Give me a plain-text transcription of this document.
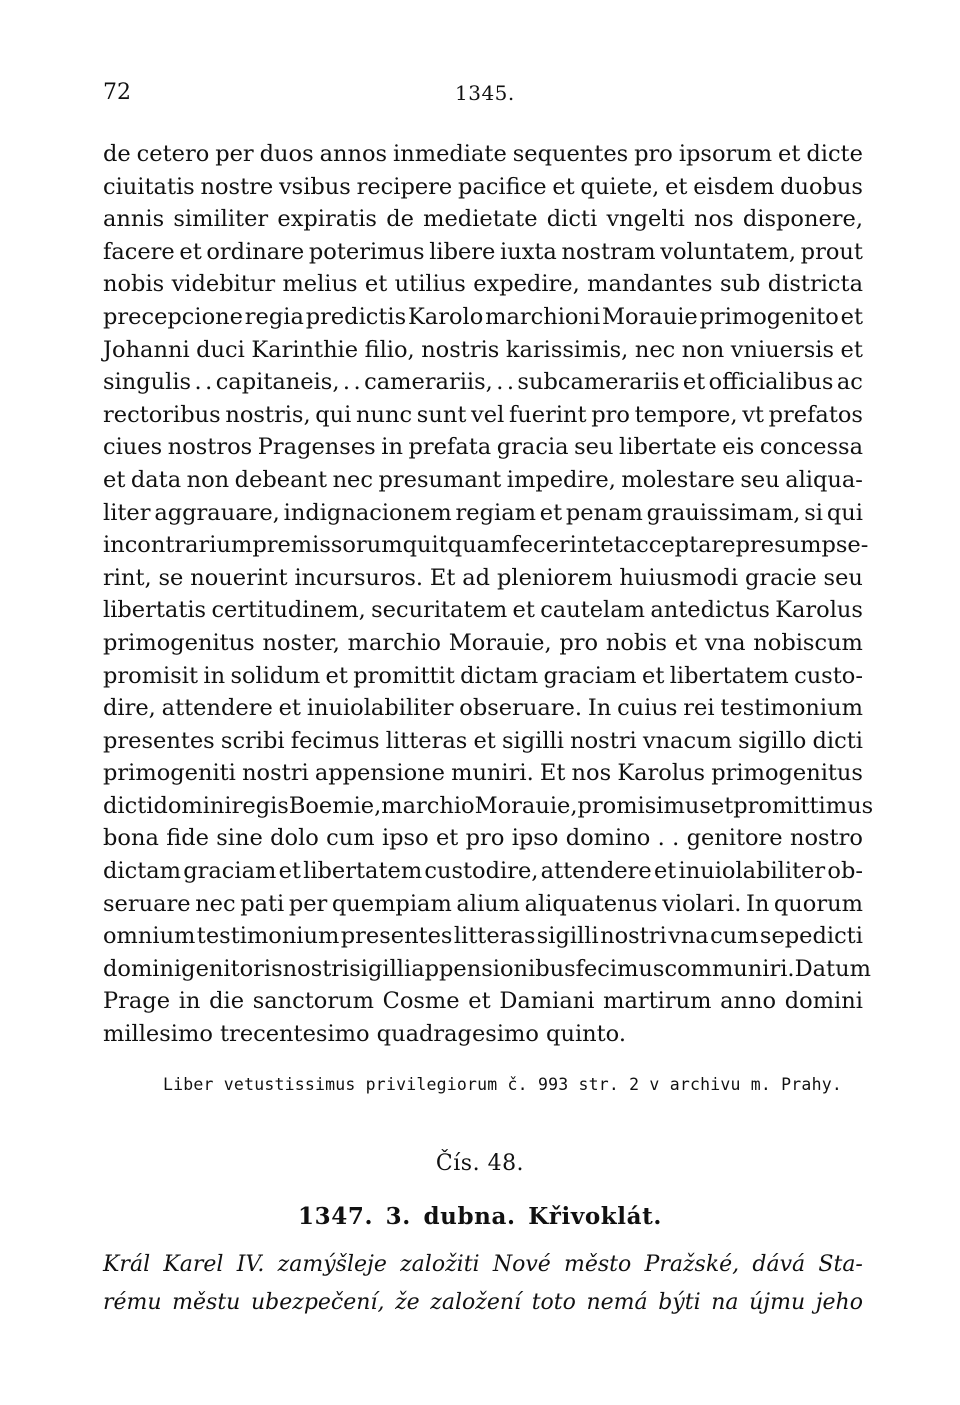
72	1345.
de cetero per duos annos inmediate sequentes pro ipsorum et dicte
ciuitatis nostre vsibus recipere pacifice et quiete, et eisdem duobus
annis similiter expiratis de medietate dicti vngelti nos disponere,
facere et ordinare poterimus libere iuxta nostram voluntatem, prout
nobis videbitur melius et utilius expedire, mandantes sub districta
precepcione regia predictis Karolo marchioni Morauie primogenito et
Johanni duci Karinthie filio, nostris karissimis, nec non vniuersis et
singulis . . capitaneis, . . camerariis, . . subcamerariis et officialibus ac
rectoribus nostris, qui nunc sunt vel fuerint pro tempore, vt prefatos
ciues nostros Pragenses in prefata gracia seu libertate eis concessa
et data non debeant nec presumant impedire, molestare seu aliqua-
liter aggrauare, indignacionem regiam et penam grauissimam, si qui
in contrarium premissorum quitquam fecerint et acceptare presumpse-
rint, se nouerint incursuros. Et ad pleniorem huiusmodi gracie seu
libertatis certitudinem, securitatem et cautelam antedictus Karolus
primogenitus noster, marchio Morauie, pro nobis et vna nobiscum
promisit in solidum et promittit dictam graciam et libertatem custo-
dire, attendere et inuiolabiliter obseruare. In cuius rei testimonium
presentes scribi fecimus litteras et sigilli nostri vnacum sigillo dicti
primogeniti nostri appensione muniri. Et nos Karolus primogenitus
dicti domini regis Boemie, marchio Morauie, promisimus et promittimus
bona fide sine dolo cum ipso et pro ipso domino . . genitore nostro
dictam graciam et libertatem custodire, attendere et inuiolabiliter ob-
seruare nec pati per quempiam alium aliquatenus violari. In quorum
omnium testimonium presentes litteras sigilli nostri vna cum sepedicti
domini genitoris nostri sigilli appensionibus fecimus communiri. Datum
Prage in die sanctorum Cosme et Damiani martirum anno domini
millesimo trecentesimo quadragesimo quinto.
Liber vetustissimus privilegiorum č. 993 str. 2 v archivu m. Prahy.
Čís. 48.
1347. 3. dubna. Křivoklát.
Král Karel IV. zamýšleje založiti Nové město Pražské, dává Sta-
rému městu ubezpečení, že založení toto nemá býti na újmu jeho
